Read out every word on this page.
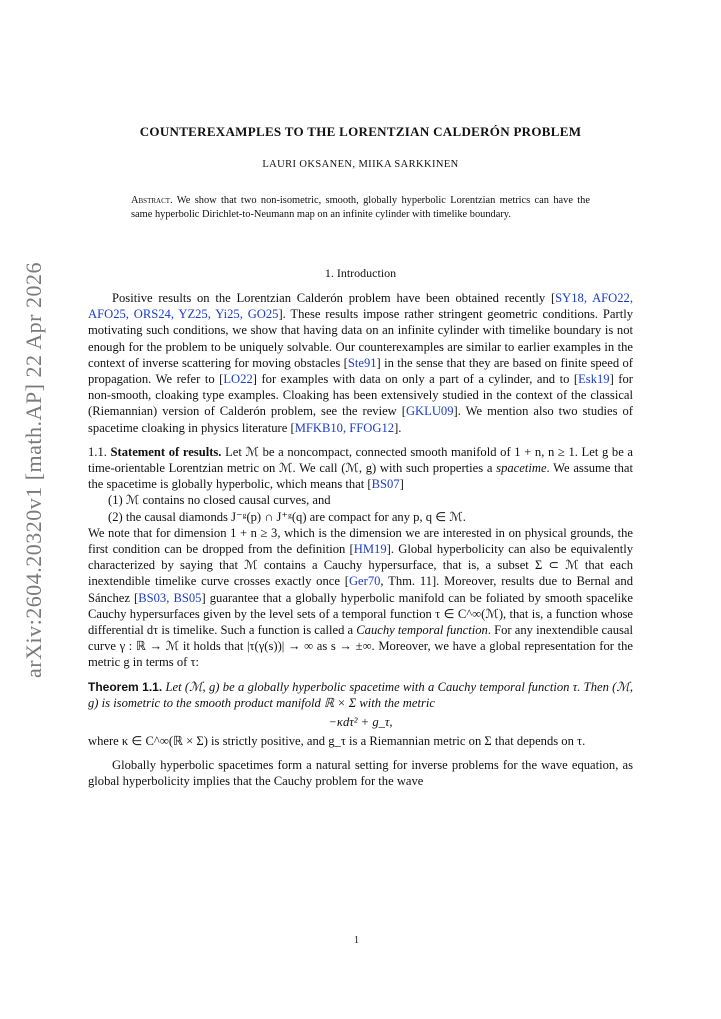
arXiv:2604.20320v1 [math.AP] 22 Apr 2026
COUNTEREXAMPLES TO THE LORENTZIAN CALDERÓN PROBLEM
LAURI OKSANEN, MIIKA SARKKINEN
Abstract. We show that two non-isometric, smooth, globally hyperbolic Lorentzian metrics can have the same hyperbolic Dirichlet-to-Neumann map on an infinite cylinder with timelike boundary.
1. Introduction

Positive results on the Lorentzian Calderón problem have been obtained recently [SY18, AFO22, AFO25, ORS24, YZ25, Yi25, GO25]. These results impose rather stringent geometric conditions. Partly motivating such conditions, we show that having data on an infinite cylinder with timelike boundary is not enough for the problem to be uniquely solvable. Our counterexamples are similar to earlier examples in the context of inverse scattering for moving obstacles [Ste91] in the sense that they are based on finite speed of propagation. We refer to [LO22] for examples with data on only a part of a cylinder, and to [Esk19] for non-smooth, cloaking type examples. Cloaking has been extensively studied in the context of the classical (Riemannian) version of Calderón problem, see the review [GKLU09]. We mention also two studies of spacetime cloaking in physics literature [MFKB10, FFOG12].

1.1. Statement of results. Let ℳ be a noncompact, connected smooth manifold of 1 + n, n ≥ 1. Let g be a time-orientable Lorentzian metric on ℳ. We call (ℳ, g) with such properties a spacetime. We assume that the spacetime is globally hyperbolic, which means that [BS07]

(1) ℳ contains no closed causal curves, and
(2) the causal diamonds J⁻ᵍ(p) ∩ J⁺ᵍ(q) are compact for any p, q ∈ ℳ.

We note that for dimension 1 + n ≥ 3, which is the dimension we are interested in on physical grounds, the first condition can be dropped from the definition [HM19]. Global hyperbolicity can also be equivalently characterized by saying that ℳ contains a Cauchy hypersurface, that is, a subset Σ ⊂ ℳ that each inextendible timelike curve crosses exactly once [Ger70, Thm. 11]. Moreover, results due to Bernal and Sánchez [BS03, BS05] guarantee that a globally hyperbolic manifold can be foliated by smooth spacelike Cauchy hypersurfaces given by the level sets of a temporal function τ ∈ C^∞(ℳ), that is, a function whose differential dτ is timelike. Such a function is called a Cauchy temporal function. For any inextendible causal curve γ : ℝ → ℳ it holds that |τ(γ(s))| → ∞ as s → ±∞. Moreover, we have a global representation for the metric g in terms of τ:

Theorem 1.1. Let (ℳ, g) be a globally hyperbolic spacetime with a Cauchy temporal function τ. Then (ℳ, g) is isometric to the smooth product manifold ℝ × Σ with the metric

−κdτ² + g_τ,

where κ ∈ C^∞(ℝ × Σ) is strictly positive, and g_τ is a Riemannian metric on Σ that depends on τ.

Globally hyperbolic spacetimes form a natural setting for inverse problems for the wave equation, as global hyperbolicity implies that the Cauchy problem for the wave

1
